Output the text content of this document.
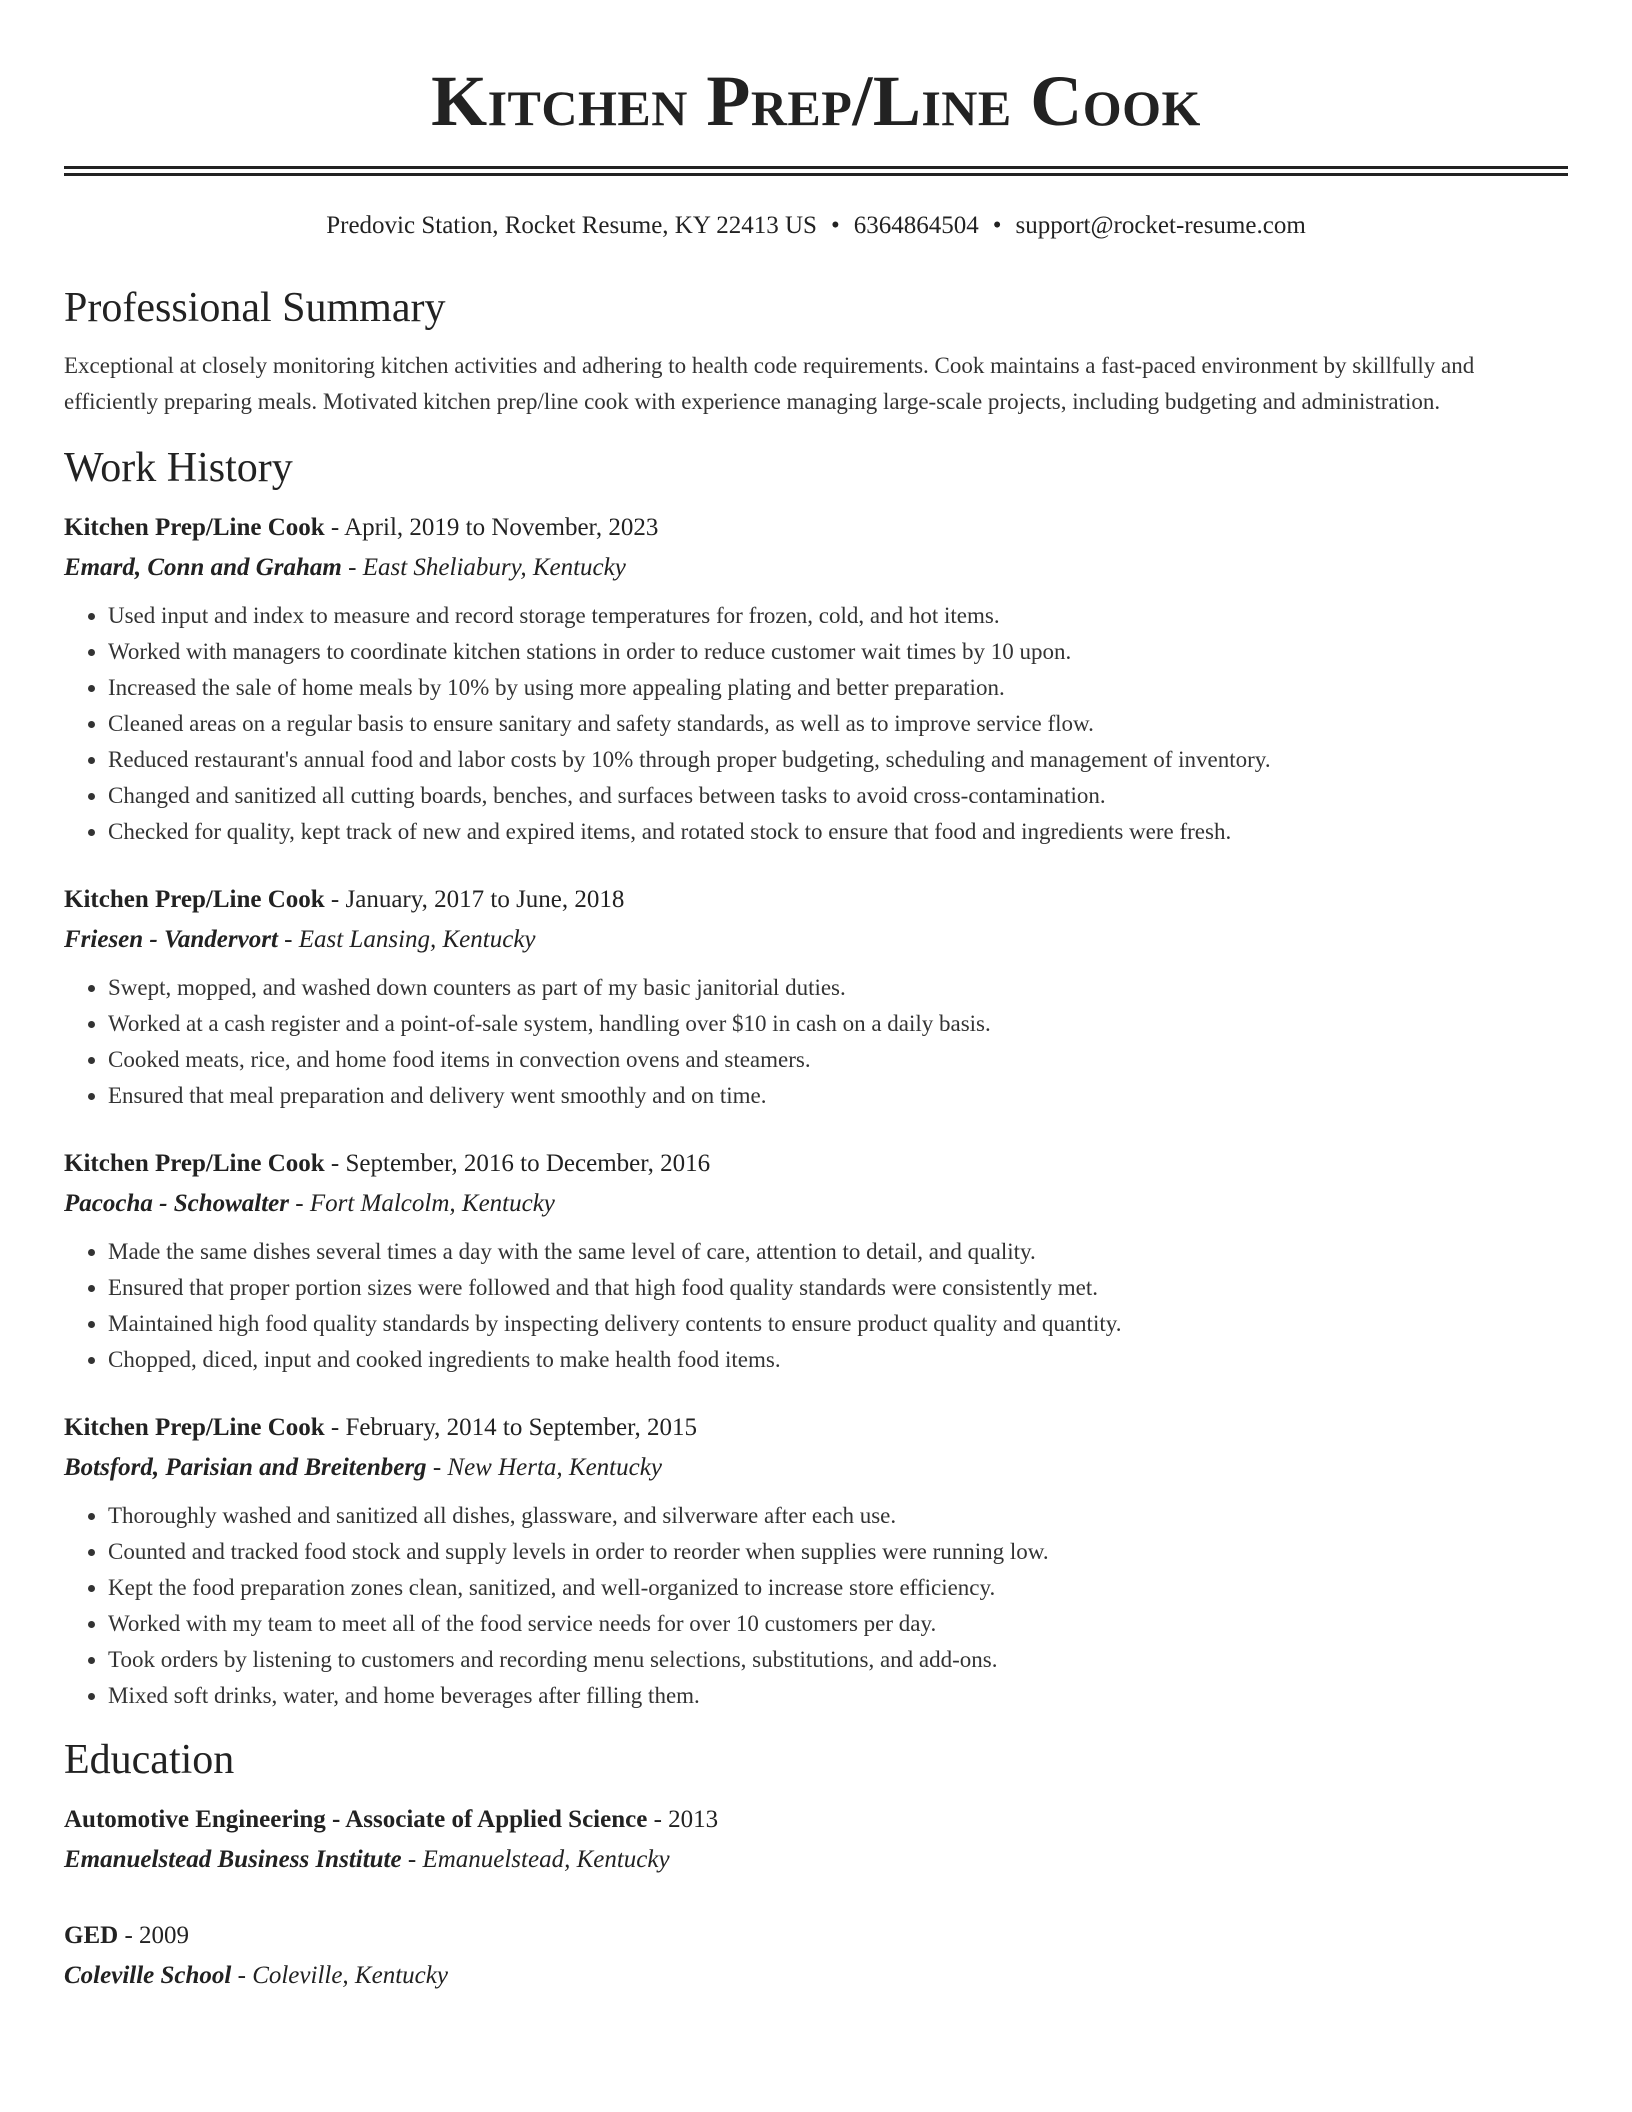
Kitchen Prep/Line Cook
Predovic Station, Rocket Resume, KY 22413 US • 6364864504 • support@rocket-resume.com
Professional Summary

Exceptional at closely monitoring kitchen activities and adhering to health code requirements. Cook maintains a fast-paced environment by skillfully and efficiently preparing meals. Motivated kitchen prep/line cook with experience managing large-scale projects, including budgeting and administration.

Work History
Kitchen Prep/Line Cook - April, 2019 to November, 2023
Emard, Conn and Graham - East Sheliabury, Kentucky
• Used input and index to measure and record storage temperatures for frozen, cold, and hot items.
• Worked with managers to coordinate kitchen stations in order to reduce customer wait times by 10 upon.
• Increased the sale of home meals by 10% by using more appealing plating and better preparation.
• Cleaned areas on a regular basis to ensure sanitary and safety standards, as well as to improve service flow.
• Reduced restaurant's annual food and labor costs by 10% through proper budgeting, scheduling and management of inventory.
• Changed and sanitized all cutting boards, benches, and surfaces between tasks to avoid cross-contamination.
• Checked for quality, kept track of new and expired items, and rotated stock to ensure that food and ingredients were fresh.
Kitchen Prep/Line Cook - January, 2017 to June, 2018
Friesen - Vandervort - East Lansing, Kentucky
• Swept, mopped, and washed down counters as part of my basic janitorial duties.
• Worked at a cash register and a point-of-sale system, handling over $10 in cash on a daily basis.
• Cooked meats, rice, and home food items in convection ovens and steamers.
• Ensured that meal preparation and delivery went smoothly and on time.
Kitchen Prep/Line Cook - September, 2016 to December, 2016
Pacocha - Schowalter - Fort Malcolm, Kentucky
• Made the same dishes several times a day with the same level of care, attention to detail, and quality.
• Ensured that proper portion sizes were followed and that high food quality standards were consistently met.
• Maintained high food quality standards by inspecting delivery contents to ensure product quality and quantity.
• Chopped, diced, input and cooked ingredients to make health food items.
Kitchen Prep/Line Cook - February, 2014 to September, 2015
Botsford, Parisian and Breitenberg - New Herta, Kentucky
• Thoroughly washed and sanitized all dishes, glassware, and silverware after each use.
• Counted and tracked food stock and supply levels in order to reorder when supplies were running low.
• Kept the food preparation zones clean, sanitized, and well-organized to increase store efficiency.
• Worked with my team to meet all of the food service needs for over 10 customers per day.
• Took orders by listening to customers and recording menu selections, substitutions, and add-ons.
• Mixed soft drinks, water, and home beverages after filling them.
Education
Automotive Engineering - Associate of Applied Science - 2013
Emanuelstead Business Institute - Emanuelstead, Kentucky
GED - 2009
Coleville School - Coleville, Kentucky
